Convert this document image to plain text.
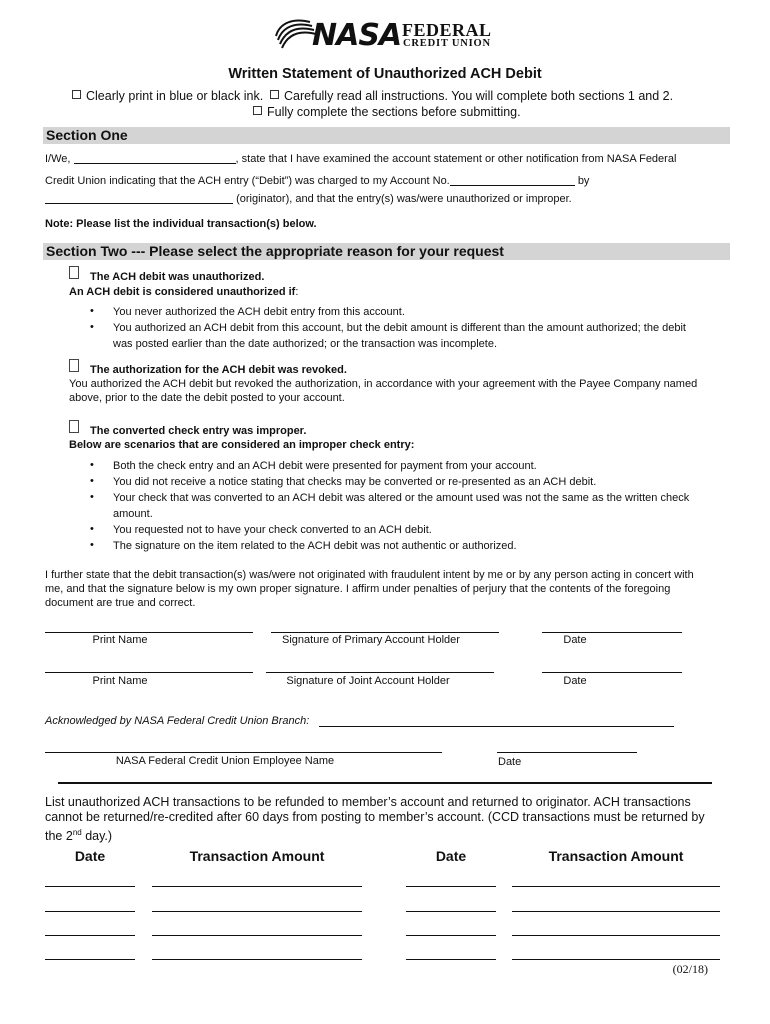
NASA FEDERAL
CREDIT UNION
Written Statement of Unauthorized ACH Debit
Clearly print in blue or black ink.	Carefully read all instructions. You will complete both sections 1 and 2.
Fully complete the sections before submitting.
Section One
I/We,	, state that I have examined the account statement or other notification from NASA Federal
Credit Union indicating that the ACH entry (“Debit”) was charged to my Account No.	by
(originator), and that the entry(s) was/were unauthorized or improper.
Note: Please list the individual transaction(s) below.
Section Two --- Please select the appropriate reason for your request
The ACH debit was unauthorized.
An ACH debit is considered unauthorized if:
• You never authorized the ACH debit entry from this account.
• You authorized an ACH debit from this account, but the debit amount is different than the amount authorized; the debit
was posted earlier than the date authorized; or the transaction was incomplete.
The authorization for the ACH debit was revoked.
You authorized the ACH debit but revoked the authorization, in accordance with your agreement with the Payee Company named
above, prior to the date the debit posted to your account.
The converted check entry was improper.
Below are scenarios that are considered an improper check entry:
• Both the check entry and an ACH debit were presented for payment from your account.
• You did not receive a notice stating that checks may be converted or re-presented as an ACH debit.
• Your check that was converted to an ACH debit was altered or the amount used was not the same as the written check
amount.
• You requested not to have your check converted to an ACH debit.
• The signature on the item related to the ACH debit was not authentic or authorized.
I further state that the debit transaction(s) was/were not originated with fraudulent intent by me or by any person acting in concert with
me, and that the signature below is my own proper signature. I affirm under penalties of perjury that the contents of the foregoing
document are true and correct.
Print Name	Signature of Primary Account Holder	Date
Print Name	Signature of Joint Account Holder	Date
Acknowledged by NASA Federal Credit Union Branch:
NASA Federal Credit Union Employee Name	Date
List unauthorized ACH transactions to be refunded to member’s account and returned to originator. ACH transactions
cannot be returned/re-credited after 60 days from posting to member’s account. (CCD transactions must be returned by
the 2nd day.)
Date	Transaction Amount	Date	Transaction Amount
(02/18)
